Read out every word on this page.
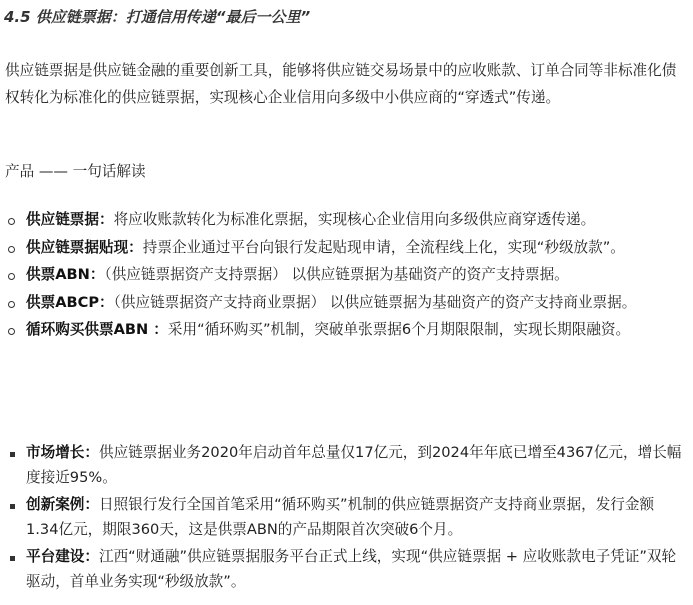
4.5 供应链票据：打通信用传递“最后一公里”
供应链票据是供应链金融的重要创新工具，能够将供应链交易场景中的应收账款、订单合同等非标准化债权转化为标准化的供应链票据，实现核心企业信用向多级中小供应商的“穿透式”传递。
产品 —— 一句话解读
供应链票据：将应收账款转化为标准化票据，实现核心企业信用向多级供应商穿透传递。
供应链票据贴现：持票企业通过平台向银行发起贴现申请，全流程线上化，实现“秒级放款”。
供票ABN：（供应链票据资产支持票据） 以供应链票据为基础资产的资产支持票据。
供票ABCP：（供应链票据资产支持商业票据） 以供应链票据为基础资产的资产支持商业票据。
循环购买供票ABN ：采用“循环购买”机制，突破单张票据6个月期限限制，实现长期限融资。
市场增长：供应链票据业务2020年启动首年总量仅17亿元，到2024年年底已增至4367亿元，增长幅度接近95%。
创新案例：日照银行发行全国首笔采用“循环购买”机制的供应链票据资产支持商业票据，发行金额1.34亿元，期限360天，这是供票ABN的产品期限首次突破6个月。
平台建设：江西“财通融”供应链票据服务平台正式上线，实现“供应链票据 + 应收账款电子凭证”双轮驱动，首单业务实现“秒级放款”。
